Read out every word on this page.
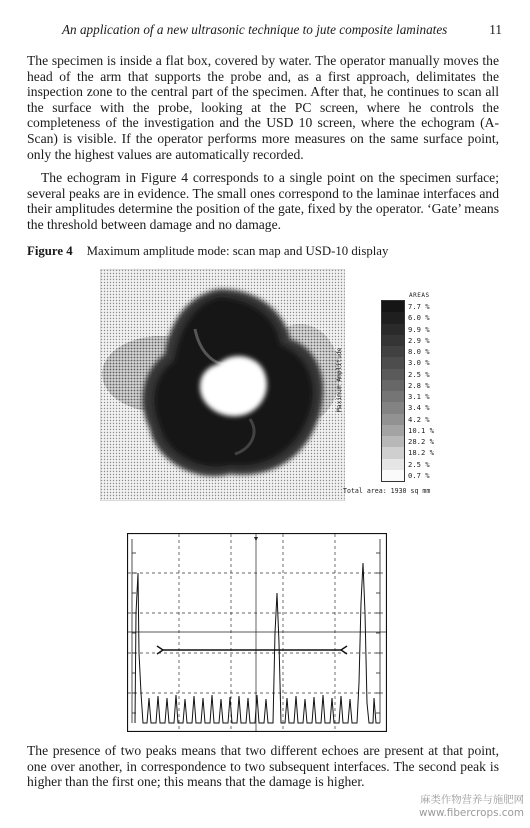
An application of a new ultrasonic technique to jute composite laminates	11

The specimen is inside a flat box, covered by water. The operator manually moves the head of the arm that supports the probe and, as a first approach, delimitates the inspection zone to the central part of the specimen. After that, he continues to scan all the surface with the probe, looking at the PC screen, where he controls the completeness of the investigation and the USD 10 screen, where the echogram (A-Scan) is visible. If the operator performs more measures on the same surface point, only the highest values are automatically recorded.

The echogram in Figure 4 corresponds to a single point on the specimen surface; several peaks are in evidence. The small ones correspond to the laminae interfaces and their amplitudes determine the position of the gate, fixed by the operator. ‘Gate’ means the threshold between damage and no damage.

Figure 4 Maximum amplitude mode: scan map and USD-10 display
AREAS
Maximum Amplitude
7.7 %
6.0 %
9.9 %
2.9 %
8.0 %
3.0 %
2.5 %
2.8 %
3.1 %
3.4 %
4.2 %
10.1 %
28.2 %
18.2 %
2.5 %
0.7 %
Total area: 1930 sq mm

The presence of two peaks means that two different echoes are present at that point, one over another, in correspondence to two subsequent interfaces. The second peak is higher than the first one; this means that the damage is higher.

麻类作物营养与施肥网
www.fibercrops.com
